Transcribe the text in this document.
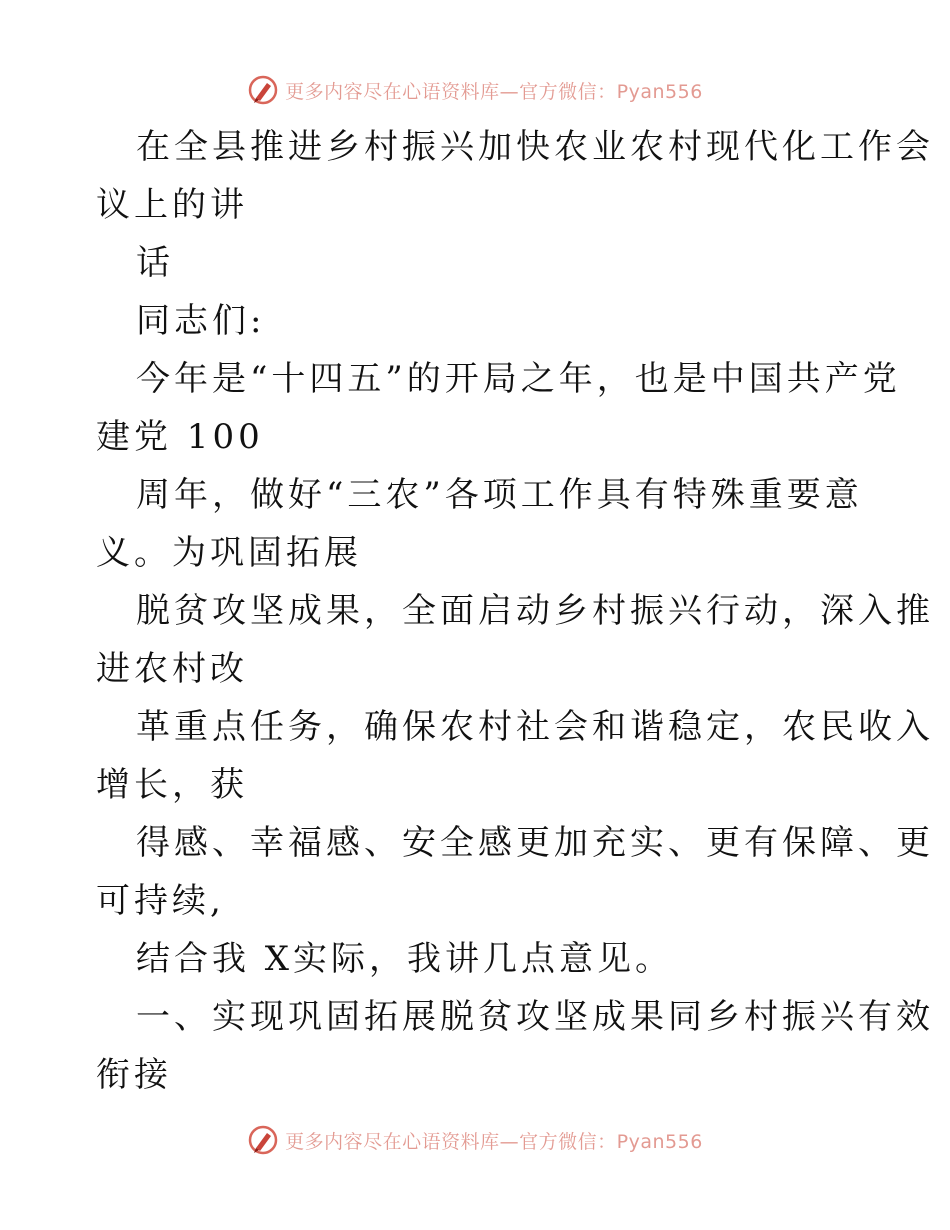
更多内容尽在心语资料库—官方微信：Pyan556
在全县推进乡村振兴加快农业农村现代化工作会
议上的讲
话
同志们:
今年是“十四五”的开局之年，也是中国共产党
建党 100
周年，做好“三农”各项工作具有特殊重要意
义。为巩固拓展
脱贫攻坚成果，全面启动乡村振兴行动，深入推
进农村改
革重点任务，确保农村社会和谐稳定，农民收入
增长，获
得感、幸福感、安全感更加充实、更有保障、更
可持续,
结合我 X实际，我讲几点意见。
一、实现巩固拓展脱贫攻坚成果同乡村振兴有效
衔接
更多内容尽在心语资料库—官方微信：Pyan556
